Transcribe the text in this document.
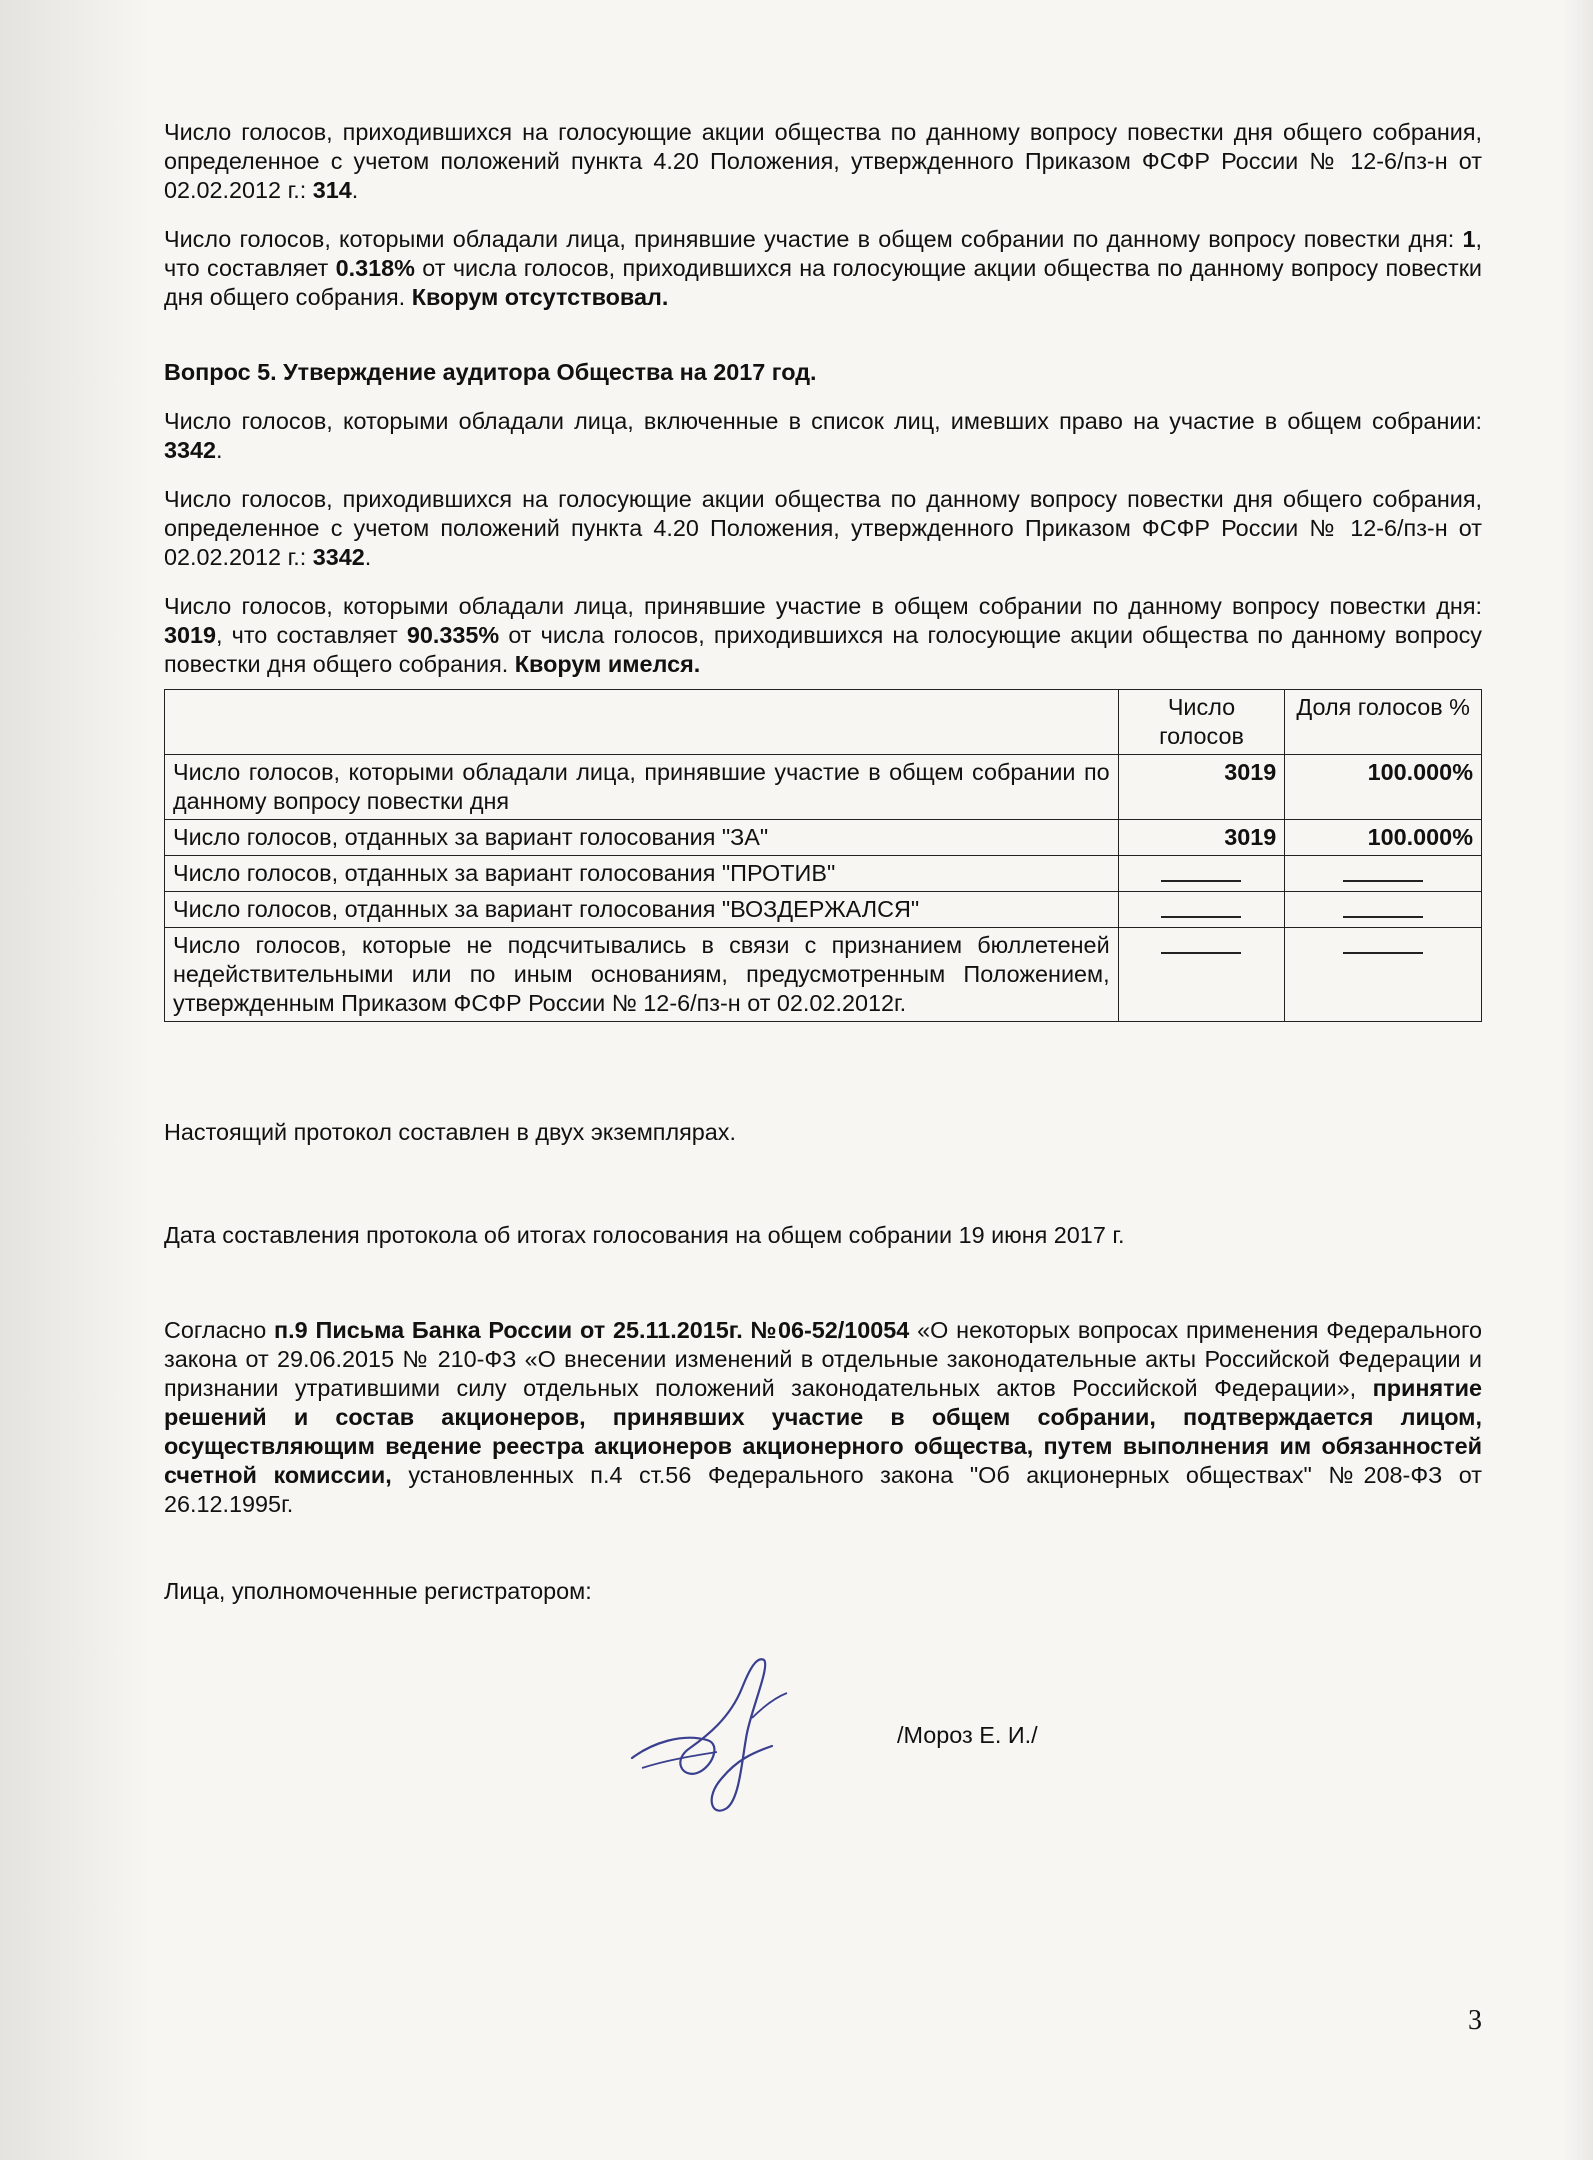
Число голосов, приходившихся на голосующие акции общества по данному вопросу повестки дня общего собрания, определенное с учетом положений пункта 4.20 Положения, утвержденного Приказом ФСФР России № 12-6/пз-н от 02.02.2012 г.: 314.

Число голосов, которыми обладали лица, принявшие участие в общем собрании по данному вопросу повестки дня: 1, что составляет 0.318% от числа голосов, приходившихся на голосующие акции общества по данному вопросу повестки дня общего собрания. Кворум отсутствовал.

Вопрос 5. Утверждение аудитора Общества на 2017 год.

Число голосов, которыми обладали лица, включенные в список лиц, имевших право на участие в общем собрании: 3342.

Число голосов, приходившихся на голосующие акции общества по данному вопросу повестки дня общего собрания, определенное с учетом положений пункта 4.20 Положения, утвержденного Приказом ФСФР России № 12-6/пз-н от 02.02.2012 г.: 3342.

Число голосов, которыми обладали лица, принявшие участие в общем собрании по данному вопросу повестки дня: 3019, что составляет 90.335% от числа голосов, приходившихся на голосующие акции общества по данному вопросу повестки дня общего собрания. Кворум имелся.

	Число голосов	Доля голосов %
Число голосов, которыми обладали лица, принявшие участие в общем собрании по данному вопросу повестки дня	3019	100.000%
Число голосов, отданных за вариант голосования "ЗА"	3019	100.000%
Число голосов, отданных за вариант голосования "ПРОТИВ"		
Число голосов, отданных за вариант голосования "ВОЗДЕРЖАЛСЯ"		
Число голосов, которые не подсчитывались в связи с признанием бюллетеней недействительными или по иным основаниям, предусмотренным Положением, утвержденным Приказом ФСФР России № 12-6/пз-н от 02.02.2012г.		

Настоящий протокол составлен в двух экземплярах.

Дата составления протокола об итогах голосования на общем собрании 19 июня 2017 г.

Согласно п.9 Письма Банка России от 25.11.2015г. №06-52/10054 «О некоторых вопросах применения Федерального закона от 29.06.2015 № 210-ФЗ «О внесении изменений в отдельные законодательные акты Российской Федерации и признании утратившими силу отдельных положений законодательных актов Российской Федерации», принятие решений и состав акционеров, принявших участие в общем собрании, подтверждается лицом, осуществляющим ведение реестра акционеров акционерного общества, путем выполнения им обязанностей счетной комиссии, установленных п.4 ст.56 Федерального закона "Об акционерных обществах" №208-ФЗ от 26.12.1995г.

Лица, уполномоченные регистратором:

/Мороз Е. И./
3
